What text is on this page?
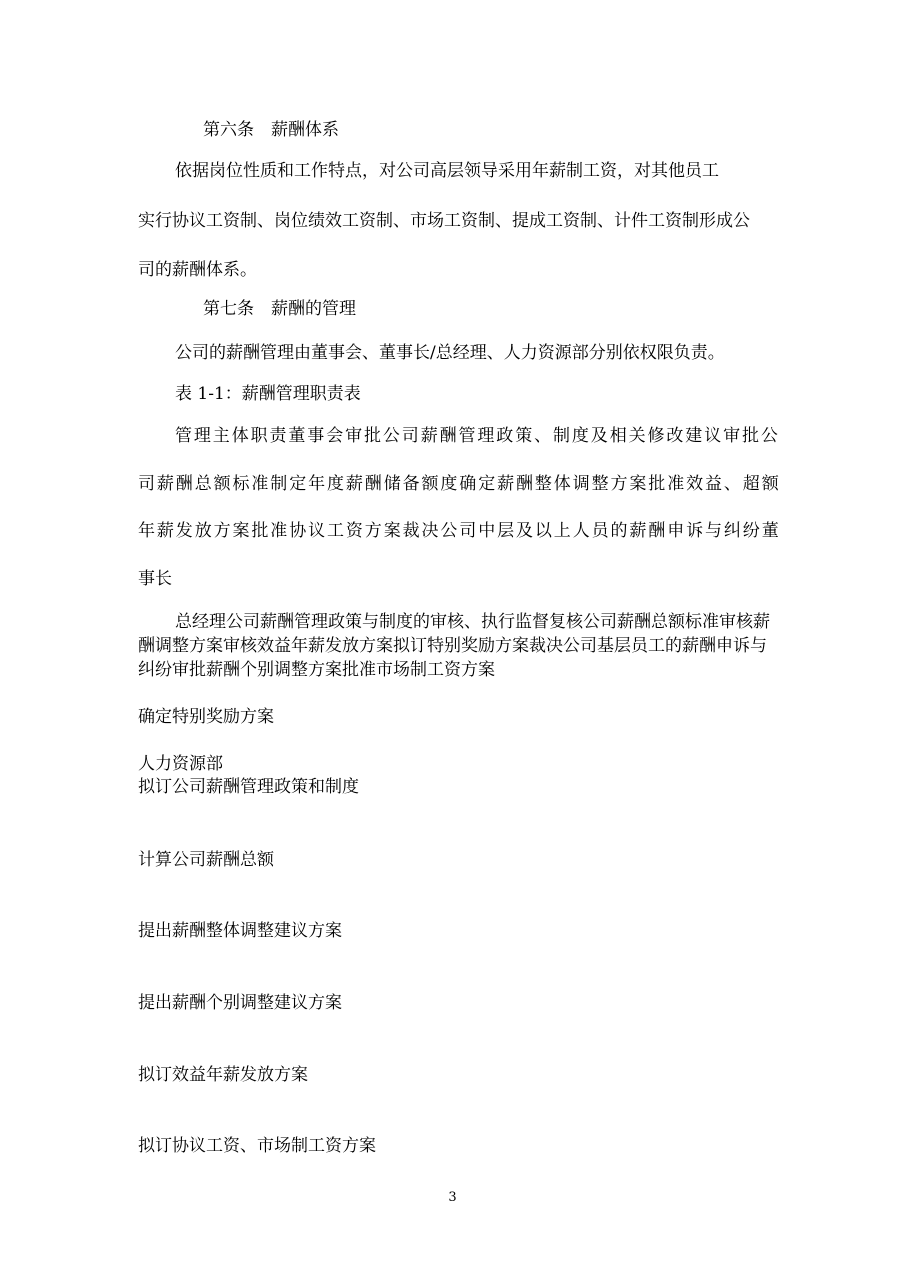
第六条　薪酬体系
依据岗位性质和工作特点，对公司高层领导采用年薪制工资，对其他员工
实行协议工资制、岗位绩效工资制、市场工资制、提成工资制、计件工资制形成公
司的薪酬体系。
第七条　薪酬的管理
公司的薪酬管理由董事会、董事长/总经理、人力资源部分别依权限负责。
表 1-1：薪酬管理职责表
管理主体职责董事会审批公司薪酬管理政策、制度及相关修改建议审批公
司薪酬总额标准制定年度薪酬储备额度确定薪酬整体调整方案批准效益、超额
年薪发放方案批准协议工资方案裁决公司中层及以上人员的薪酬申诉与纠纷董
事长
总经理公司薪酬管理政策与制度的审核、执行监督复核公司薪酬总额标准审核薪酬调整方案审核效益年薪发放方案拟订特别奖励方案裁决公司基层员工的薪酬申诉与纠纷审批薪酬个别调整方案批准市场制工资方案
确定特别奖励方案
人力资源部
拟订公司薪酬管理政策和制度
计算公司薪酬总额
提出薪酬整体调整建议方案
提出薪酬个别调整建议方案
拟订效益年薪发放方案
拟订协议工资、市场制工资方案
3
